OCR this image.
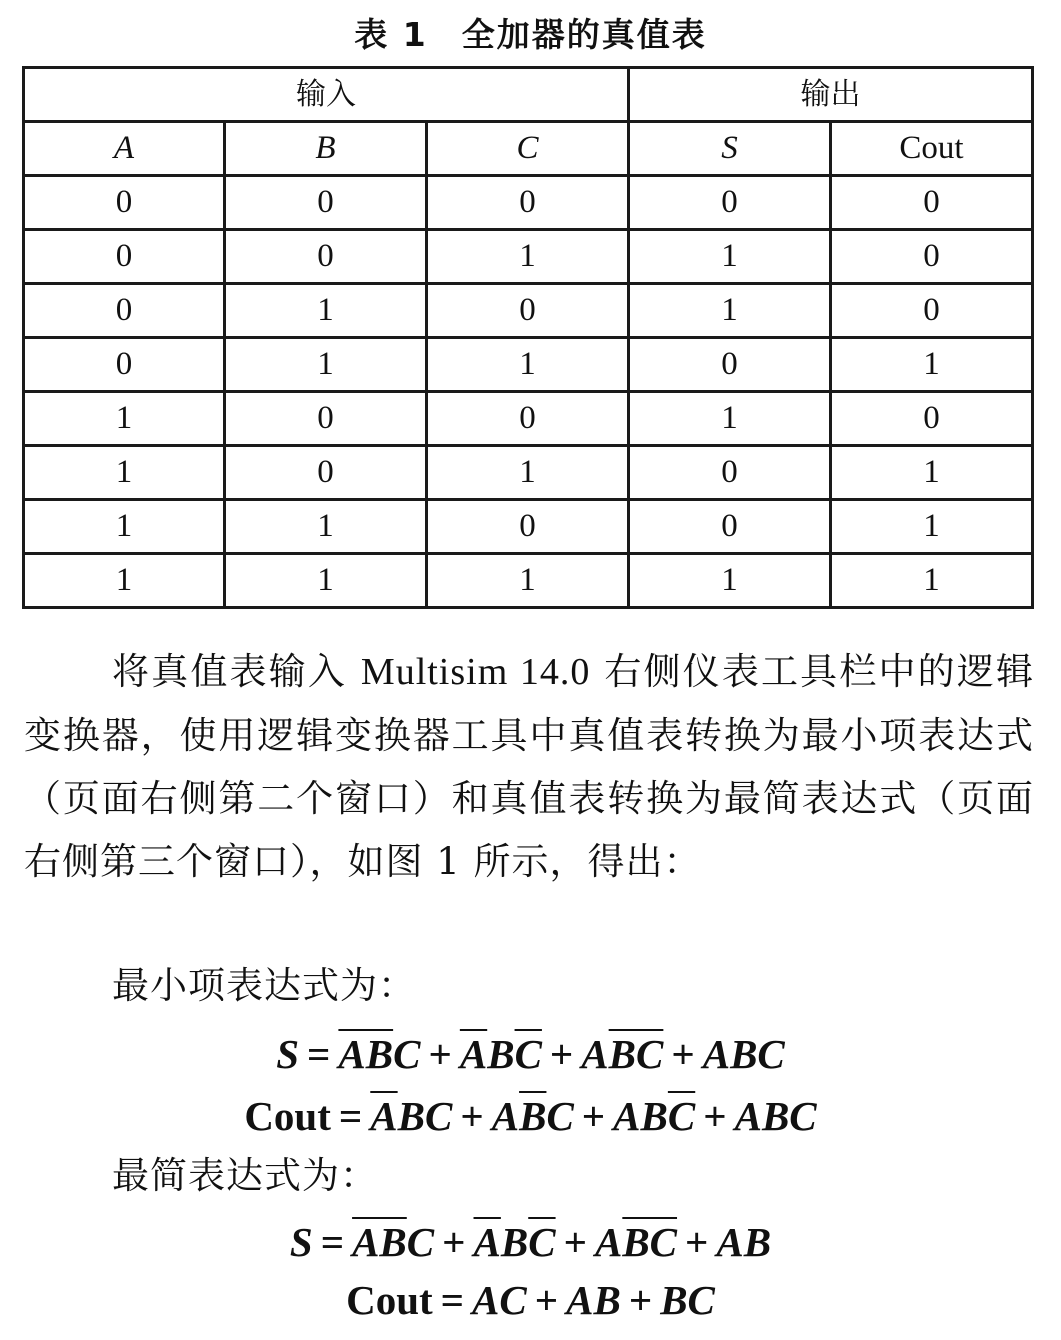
表 1 全加器的真值表
输入			输出	
A	B	C	S	Cout
0	0	0	0	0
0	0	1	1	0
0	1	0	1	0
0	1	1	0	1
1	0	0	1	0
1	0	1	0	1
1	1	0	0	1
1	1	1	1	1
将真值表输入 Multisim 14.0 右侧仪表工具栏中的逻辑变换器，使用逻辑变换器工具中真值表转换为最小项表达式（页面右侧第二个窗口）和真值表转换为最简表达式（页面右侧第三个窗口），如图 1 所示，得出：
最小项表达式为：
$S = \overline{AB}C + \overline{A}B\overline{C} + A\overline{BC}$ + ABC
Cout = $\overline{A}BC + A\overline{B}C + AB\overline{C}$ + ABC
最简表达式为：
$S = \overline{AB}C + \overline{A}B\overline{C} + A\overline{BC}$ + AB
Cout = AC + AB + BC
